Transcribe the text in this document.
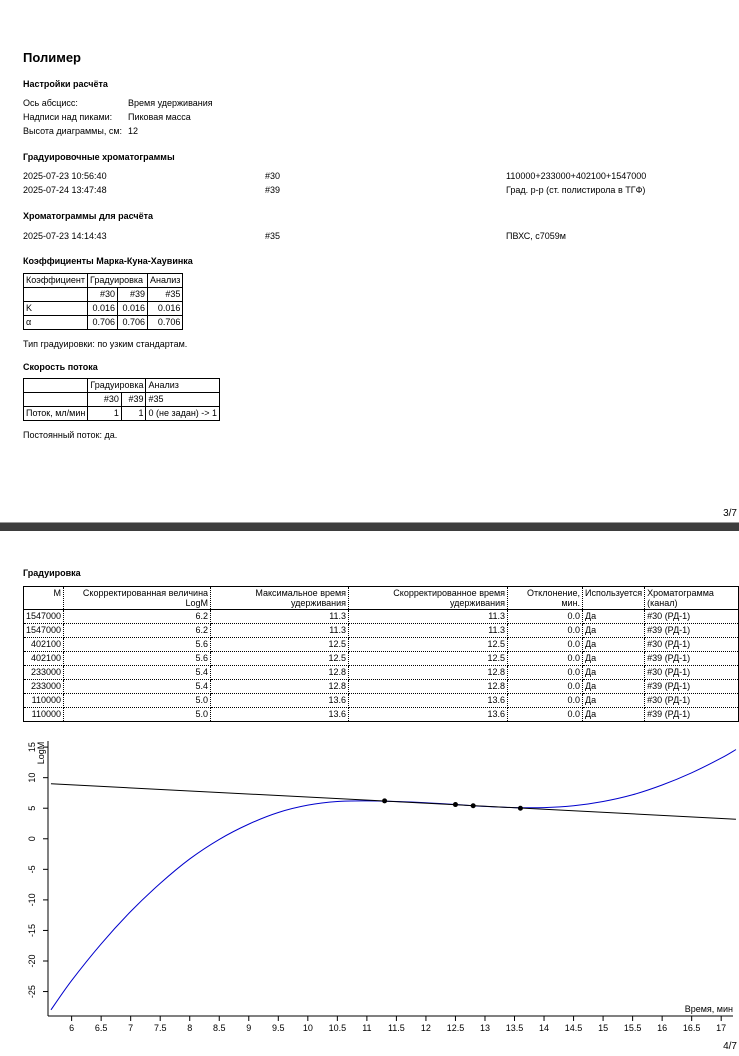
Полимер
Настройки расчёта
Ось абсцисс:	Время удерживания
Надписи над пиками: Пиковая масса
Высота диаграммы, см: 12
Градуировочные хроматограммы
2025-07-23 10:56:40	#30	110000+233000+402100+1547000
2025-07-24 13:47:48	#39	Град. р-р (ст. полистирола в ТГФ)
Хроматограммы для расчёта
2025-07-23 14:14:43	#35	ПВХС, с7059м
Коэффициенты Марка-Куна-Хаувинка
Коэффициент	Градуировка		Анализ
	#30	#39	#35
K	0.016	0.016	0.016
α	0.706	0.706	0.706
Тип градуировки: по узким стандартам.
Скорость потока
	Градуировка		Анализ
	#30	#39	#35
Поток, мл/мин	1	1	0 (не задан) -> 1
Постоянный поток: да.
3/7
Градуировка
M	Скорректированная величина LogM	Максимальное время удерживания	Скорректированное время удерживания	Отклонение, мин.	Используется	Хроматограмма (канал)
1547000	6.2	11.3	11.3	0.0	Да	#30 (РД-1)
1547000	6.2	11.3	11.3	0.0	Да	#39 (РД-1)
402100	5.6	12.5	12.5	0.0	Да	#30 (РД-1)
402100	5.6	12.5	12.5	0.0	Да	#39 (РД-1)
233000	5.4	12.8	12.8	0.0	Да	#30 (РД-1)
233000	5.4	12.8	12.8	0.0	Да	#39 (РД-1)
110000	5.0	13.6	13.6	0.0	Да	#30 (РД-1)
110000	5.0	13.6	13.6	0.0	Да	#39 (РД-1)
6 6.5 7 7.5 8 8.5 9 9.5 10 10.5 11 11.5 12 12.5 13 13.5 14 14.5 15 15.5 16 16.5 17
15
10
5
0
-5
-10
-15
-20
-25
LogM
Время, мин
4/7
